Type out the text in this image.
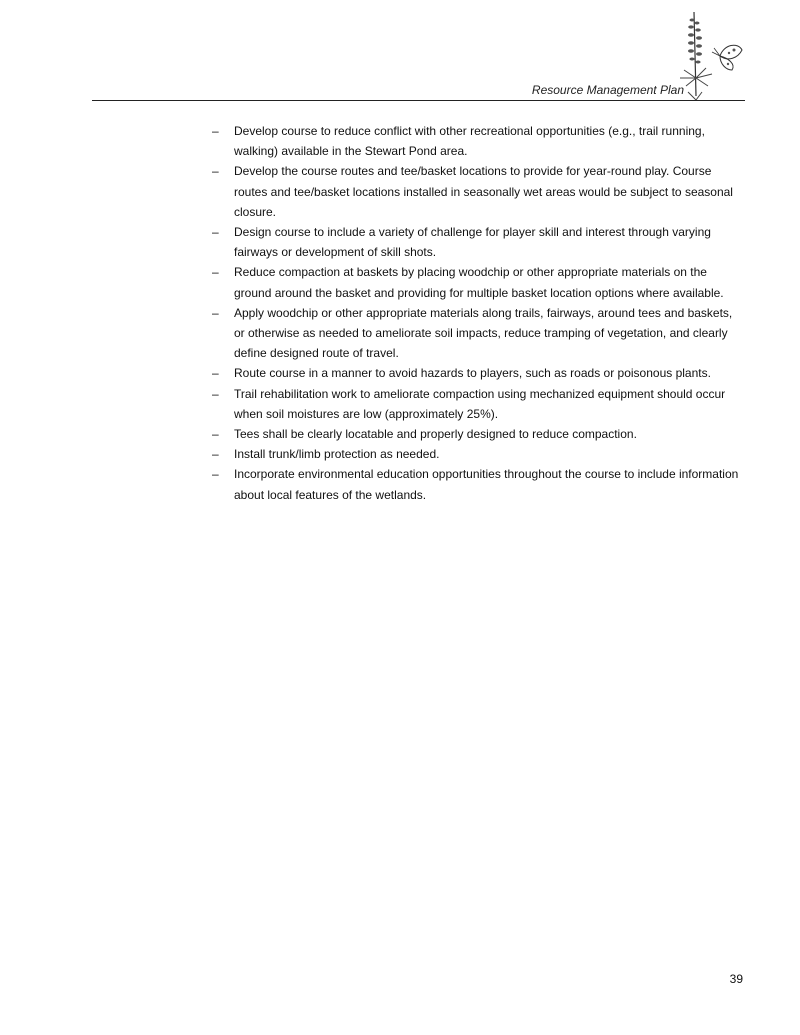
Resource Management Plan
–	Develop course to reduce conflict with other recreational opportunities (e.g., trail running, walking) available in the Stewart Pond area.
–	Develop the course routes and tee/basket locations to provide for year-round play. Course routes and tee/basket locations installed in seasonally wet areas would be subject to seasonal closure.
–	Design course to include a variety of challenge for player skill and interest through varying fairways or development of skill shots.
–	Reduce compaction at baskets by placing woodchip or other appropriate materials on the ground around the basket and providing for multiple basket location options where available.
–	Apply woodchip or other appropriate materials along trails, fairways, around tees and baskets, or otherwise as needed to ameliorate soil impacts, reduce tramping of vegetation, and clearly define designed route of travel.
–	Route course in a manner to avoid hazards to players, such as roads or poisonous plants.
–	Trail rehabilitation work to ameliorate compaction using mechanized equipment should occur when soil moistures are low (approximately 25%).
–	Tees shall be clearly locatable and properly designed to reduce compaction.
–	Install trunk/limb protection as needed.
–	Incorporate environmental education opportunities throughout the course to include information about local features of the wetlands.
39
